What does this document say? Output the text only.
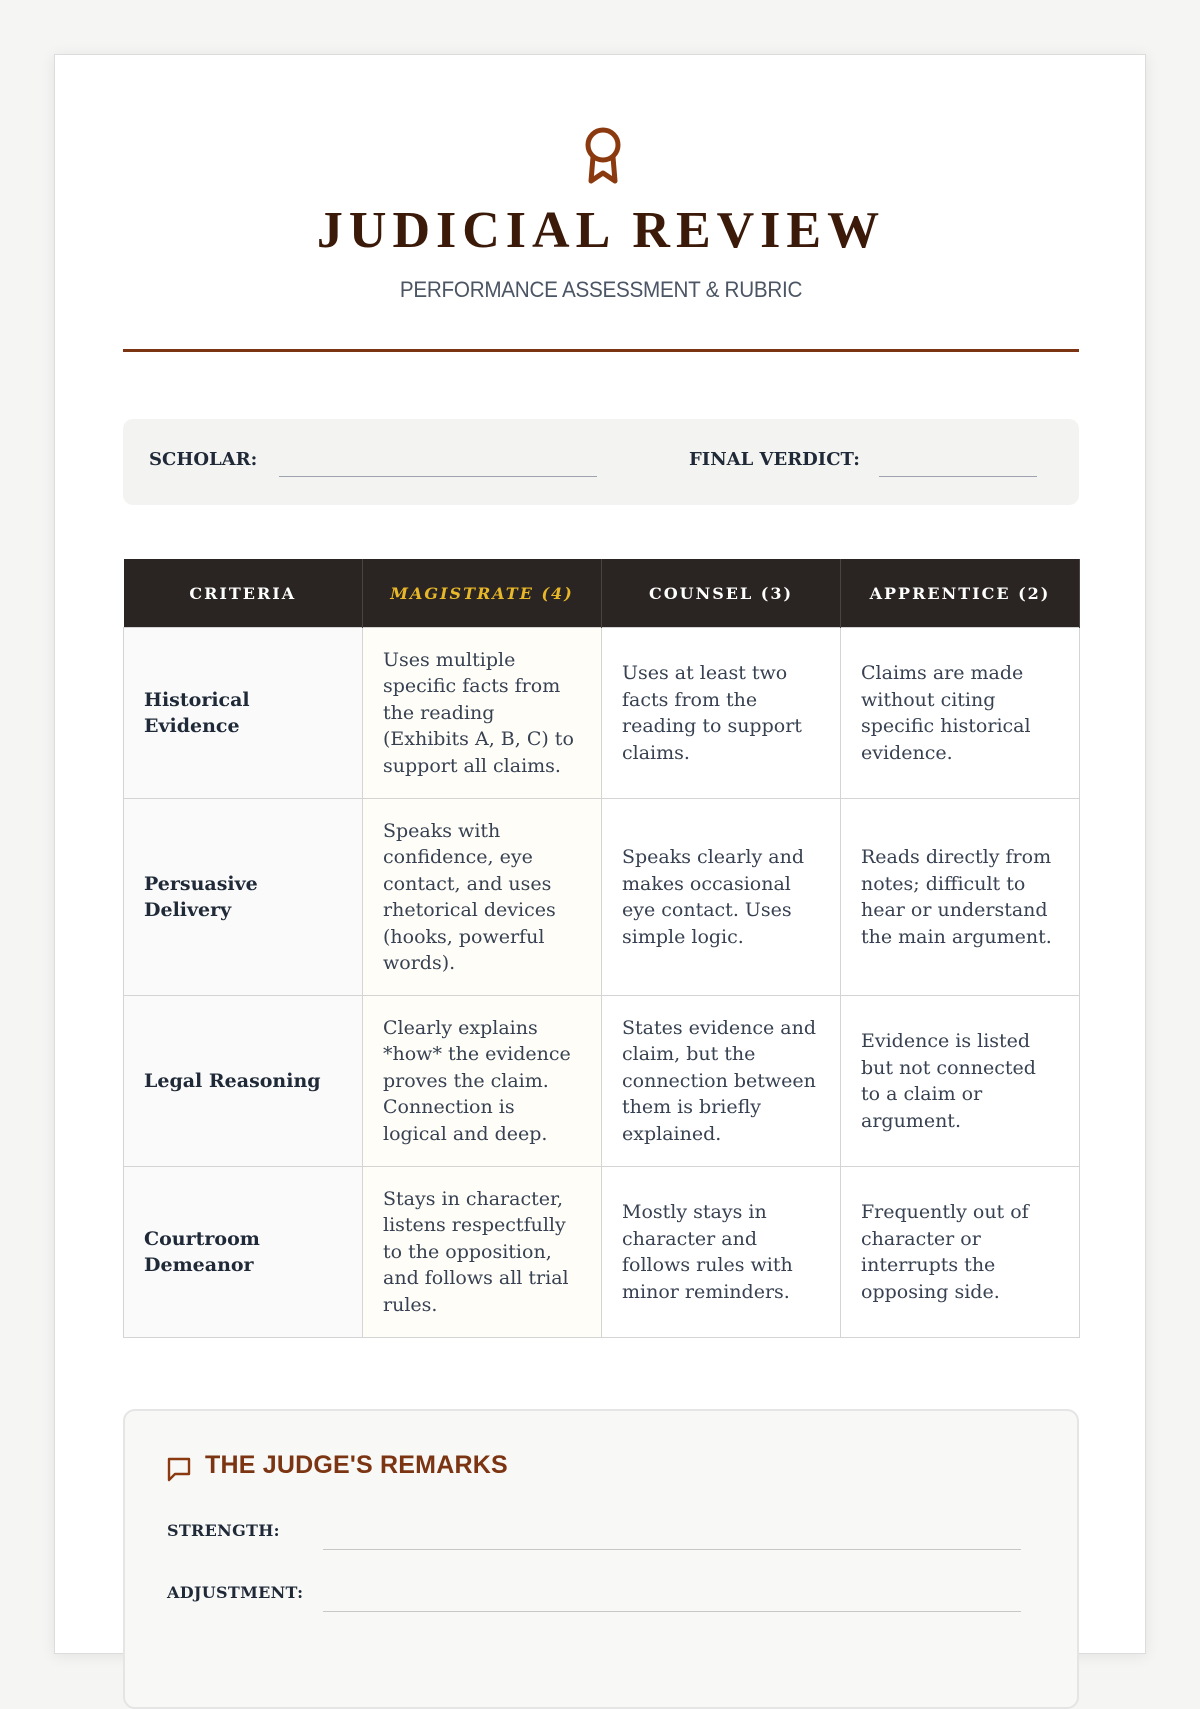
JUDICIAL REVIEW
PERFORMANCE ASSESSMENT & RUBRIC
SCHOLAR:	FINAL VERDICT:
CRITERIA	MAGISTRATE (4)	COUNSEL (3)	APPRENTICE (2)
Historical Evidence	Uses multiple specific facts from the reading (Exhibits A, B, C) to support all claims.	Uses at least two facts from the reading to support claims.	Claims are made without citing specific historical evidence.
Persuasive Delivery	Speaks with confidence, eye contact, and uses rhetorical devices (hooks, powerful words).	Speaks clearly and makes occasional eye contact. Uses simple logic.	Reads directly from notes; difficult to hear or understand the main argument.
Legal Reasoning	Clearly explains *how* the evidence proves the claim. Connection is logical and deep.	States evidence and claim, but the connection between them is briefly explained.	Evidence is listed but not connected to a claim or argument.
Courtroom Demeanor	Stays in character, listens respectfully to the opposition, and follows all trial rules.	Mostly stays in character and follows rules with minor reminders.	Frequently out of character or interrupts the opposing side.
THE JUDGE'S REMARKS
STRENGTH:
ADJUSTMENT:
